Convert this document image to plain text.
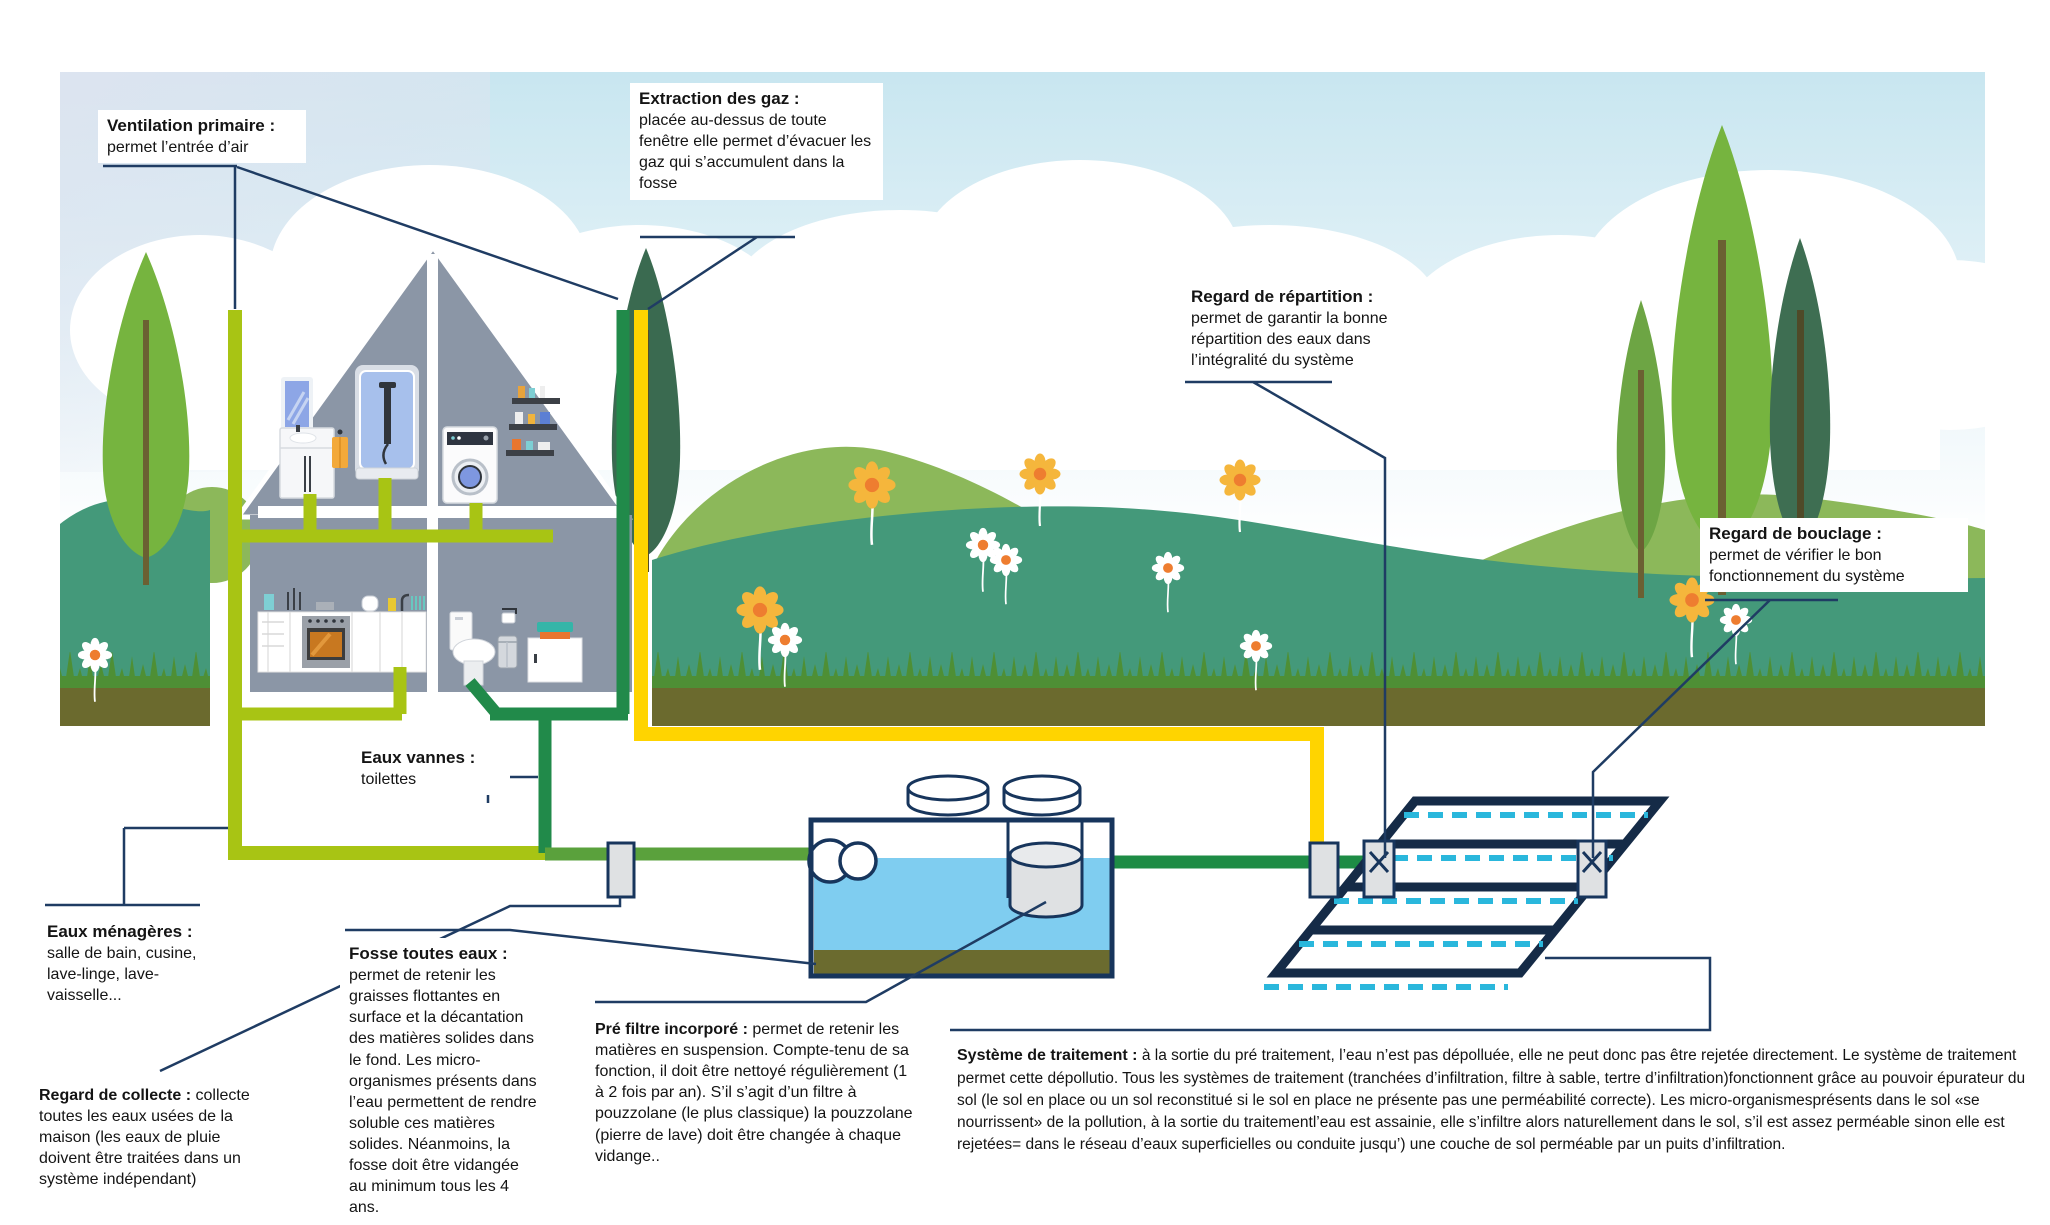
Ventilation primaire :
permet l’entrée d’air
Extraction des gaz :
placée au-dessus de toute fenêtre elle permet d’évacuer les gaz qui s’accumulent dans la fosse
Regard de répartition :
permet de garantir la bonne répartition des eaux dans l’intégralité du système
Regard de bouclage :
permet de vérifier le bon fonctionnement du système
Eaux vannes :
toilettes
Eaux ménagères :
salle de bain, cusine, lave-linge, lave-vaisselle...
Regard de collecte : collecte toutes les eaux usées de la maison (les eaux de pluie doivent être traitées dans un système indépendant)
Fosse toutes eaux :
permet de retenir les graisses flottantes en surface et la décantation des matières solides dans le fond. Les micro-organismes présents dans l’eau permettent de rendre soluble ces matières solides. Néanmoins, la fosse doit être vidangée au minimum tous les 4 ans.
Pré filtre incorporé : permet de retenir les matières en suspension. Compte-tenu de sa fonction, il doit être nettoyé régulièrement (1 à 2 fois par an). S’il s’agit d’un filtre à pouzzolane (le plus classique) la pouzzolane (pierre de lave) doit être changée à chaque vidange..
Système de traitement : à la sortie du pré traitement, l’eau n’est pas dépolluée, elle ne peut donc pas être rejetée directement. Le système de traitement permet cette dépollutio. Tous les systèmes de traitement (tranchées d’infiltration, filtre à sable, tertre d’infiltration)fonctionnent grâce au pouvoir épurateur du sol (le sol en place ou un sol reconstitué si le sol en place ne présente pas une perméabilité correcte). Les micro-organismesprésents dans le sol «se nourrissent» de la pollution, à la sortie du traitementl’eau est assainie, elle s’infiltre alors naturellement dans le sol, s’il est assez perméable sinon elle est rejetées= dans le réseau d’eaux superficielles ou conduite jusqu’) une couche de sol perméable par un puits d’infiltration.
